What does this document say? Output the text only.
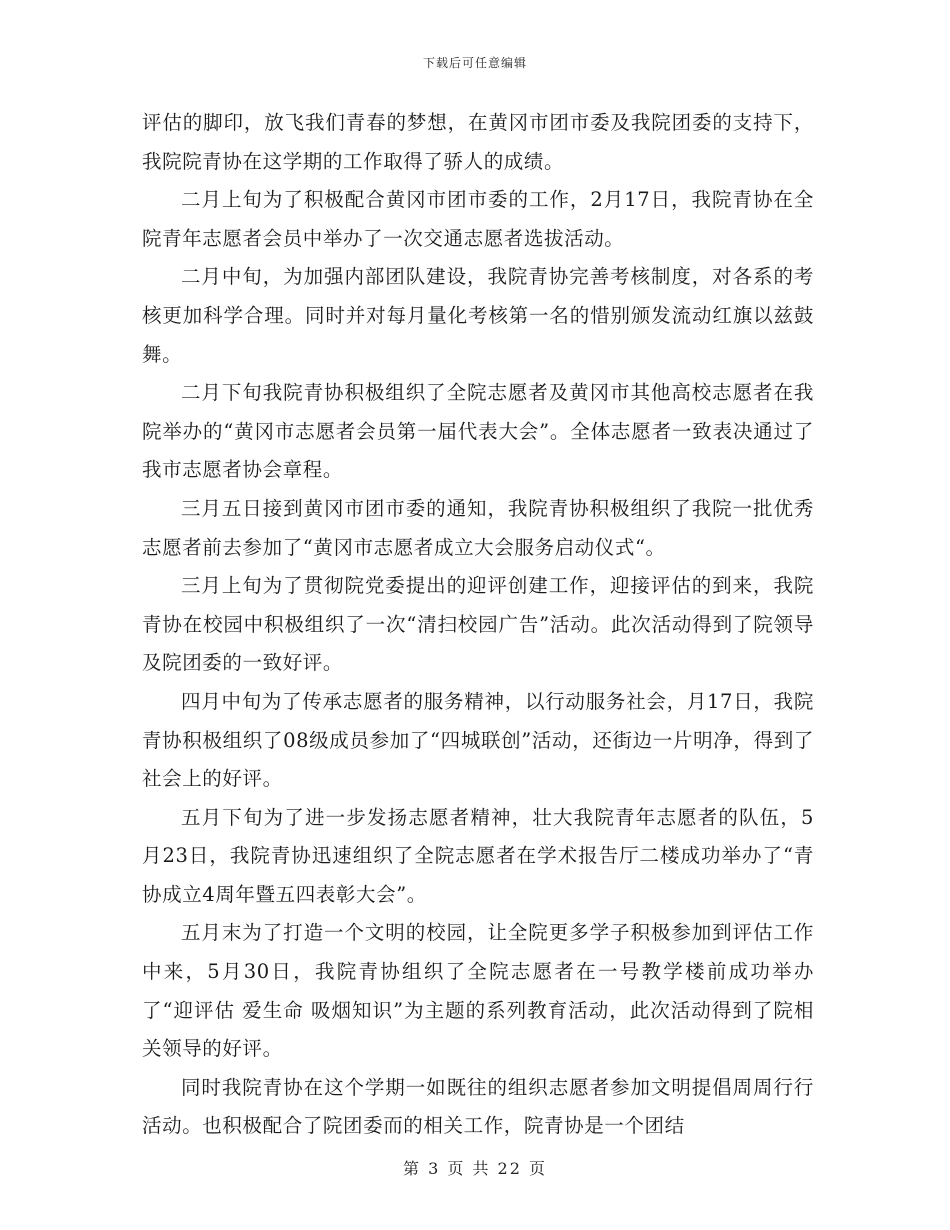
下载后可任意编辑

评估的脚印，放飞我们青春的梦想，在黄冈市团市委及我院团委的支持下，我院院青协在这学期的工作取得了骄人的成绩。

二月上旬为了积极配合黄冈市团市委的工作，2月17日，我院青协在全院青年志愿者会员中举办了一次交通志愿者选拔活动。

二月中旬，为加强内部团队建设，我院青协完善考核制度，对各系的考核更加科学合理。同时并对每月量化考核第一名的惜别颁发流动红旗以兹鼓舞。

二月下旬我院青协积极组织了全院志愿者及黄冈市其他高校志愿者在我院举办的“黄冈市志愿者会员第一届代表大会”。全体志愿者一致表决通过了我市志愿者协会章程。

三月五日接到黄冈市团市委的通知，我院青协积极组织了我院一批优秀志愿者前去参加了“黄冈市志愿者成立大会服务启动仪式“。

三月上旬为了贯彻院党委提出的迎评创建工作，迎接评估的到来，我院青协在校园中积极组织了一次“清扫校园广告”活动。此次活动得到了院领导及院团委的一致好评。

四月中旬为了传承志愿者的服务精神，以行动服务社会，月17日，我院青协积极组织了08级成员参加了“四城联创”活动，还街边一片明净，得到了社会上的好评。

五月下旬为了进一步发扬志愿者精神，壮大我院青年志愿者的队伍，5月23日，我院青协迅速组织了全院志愿者在学术报告厅二楼成功举办了“青协成立4周年暨五四表彰大会”。

五月末为了打造一个文明的校园，让全院更多学子积极参加到评估工作中来，5月30日，我院青协组织了全院志愿者在一号教学楼前成功举办了“迎评估 爱生命 吸烟知识”为主题的系列教育活动，此次活动得到了院相关领导的好评。

同时我院青协在这个学期一如既往的组织志愿者参加文明提倡周周行行活动。也积极配合了院团委而的相关工作，院青协是一个团结

第 3 页 共 22 页
